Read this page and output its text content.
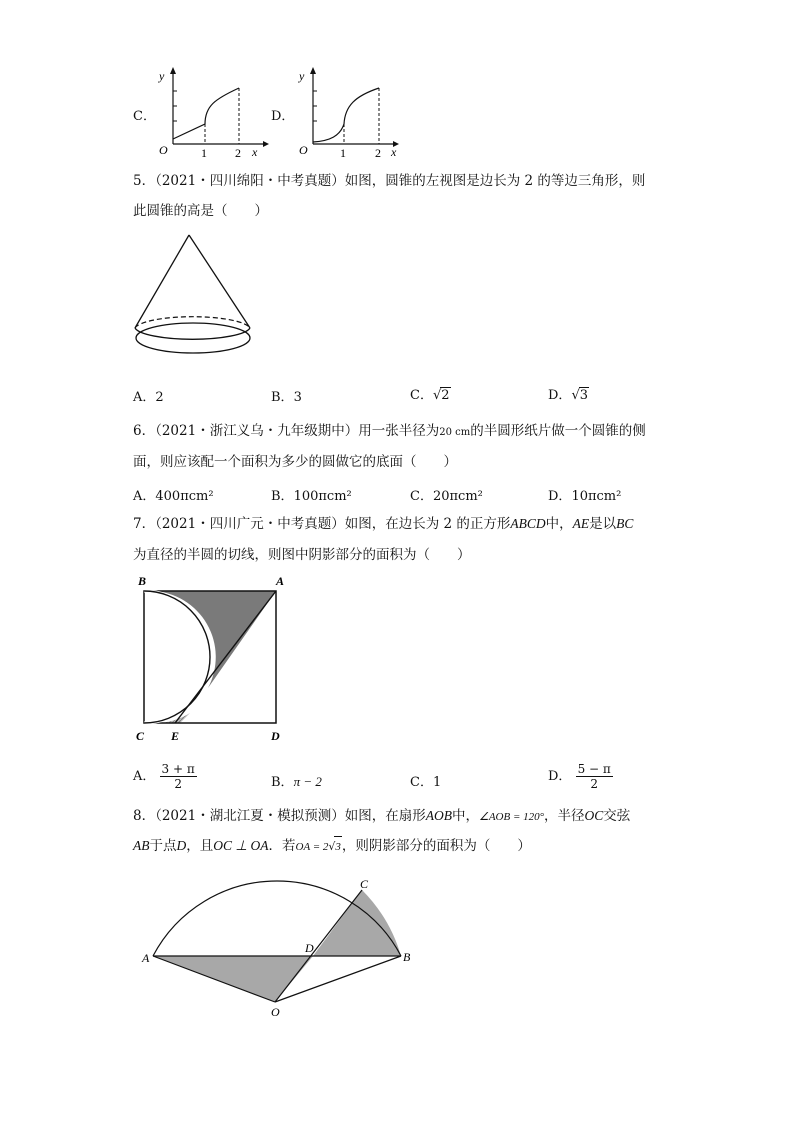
C．
y
O	1 2 x
D．
y
O	1 2 x
5．（2021・四川绵阳・中考真题）如图，圆锥的左视图是边长为 2 的等边三角形，则
此圆锥的高是（　　）
A．2	B．3	C．√2	D．√3
6．（2021・浙江义乌・九年级期中）用一张半径为20 cm的半圆形纸片做一个圆锥的侧
面，则应该配一个面积为多少的圆做它的底面（　　）
A．400πcm²	B．100πcm²	C．20πcm²	D．10πcm²
7．（2021・四川广元・中考真题）如图，在边长为 2 的正方形ABCD中，AE是以BC
为直径的半圆的切线，则图中阴影部分的面积为（　　）
B	A
C E	D
A． $\frac{3 + \pi}{2}$	B．π − 2	C．1	D． $\frac{5 - \pi}{2}$
8．（2021・湖北江夏・模拟预测）如图，在扇形AOB中，∠AOB = 120°，半径OC交弦
AB于点D，且OC ⊥ OA．若OA = 2√3，则阴影部分的面积为（　　）
A	B
C
D
O
